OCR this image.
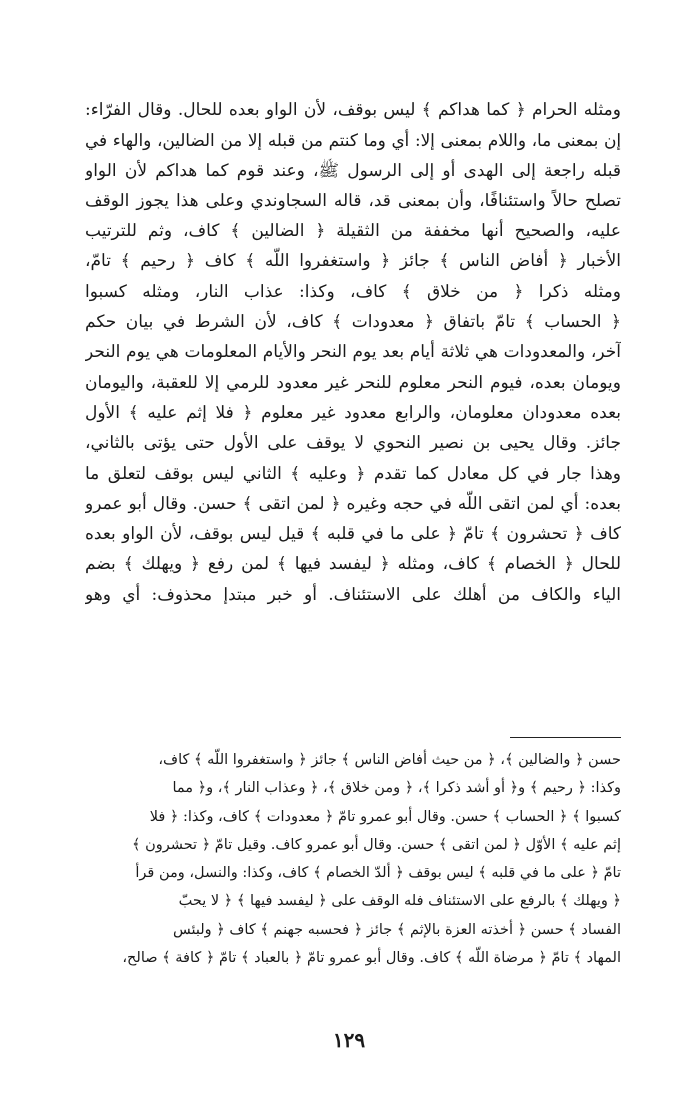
ومثله الحرام ﴿ كما هداكم ﴾ ليس بوقف، لأن الواو بعده للحال. وقال الفرّاء:
إن بمعنى ما، واللام بمعنى إلا: أي وما كنتم من قبله إلا من الضالين، والهاء في
قبله راجعة إلى الهدى أو إلى الرسول ﷺ، وعند قوم كما هداكم لأن الواو
تصلح حالاً واستئنافًا، وأن بمعنى قد، قاله السجاوندي وعلى هذا يجوز الوقف
عليه، والصحيح أنها مخففة من الثقيلة ﴿ الضالين ﴾ كاف، وثم للترتيب
الأخبار ﴿ أفاض الناس ﴾ جائز ﴿ واستغفروا اللّه ﴾ كاف ﴿ رحيم ﴾ تامّ،
ومثله ذكرا ﴿ من خلاق ﴾ كاف، وكذا: عذاب النار، ومثله كسبوا
﴿ الحساب ﴾ تامّ باتفاق ﴿ معدودات ﴾ كاف، لأن الشرط في بيان حكم
آخر، والمعدودات هي ثلاثة أيام بعد يوم النحر والأيام المعلومات هي يوم النحر
ويومان بعده، فيوم النحر معلوم للنحر غير معدود للرمي إلا للعقبة، واليومان
بعده معدودان معلومان، والرابع معدود غير معلوم ﴿ فلا إثم عليه ﴾ الأول
جائز. وقال يحيى بن نصير النحوي لا يوقف على الأول حتى يؤتى بالثاني،
وهذا جار في كل معادل كما تقدم ﴿ وعليه ﴾ الثاني ليس بوقف لتعلق ما
بعده: أي لمن اتقى اللّه في حجه وغيره ﴿ لمن اتقى ﴾ حسن. وقال أبو عمرو
كاف ﴿ تحشرون ﴾ تامّ ﴿ على ما في قلبه ﴾ قيل ليس بوقف، لأن الواو بعده
للحال ﴿ الخصام ﴾ كاف، ومثله ﴿ ليفسد فيها ﴾ لمن رفع ﴿ ويهلك ﴾ بضم
الياء والكاف من أهلك على الاستئناف. أو خبر مبتدإ محذوف: أي وهو
حسن ﴿ والضالين ﴾، ﴿ من حيث أفاض الناس ﴾ جائز ﴿ واستغفروا اللّه ﴾ كاف،
وكذا: ﴿ رحيم ﴾ و﴿ أو أشد ذكرا ﴾، ﴿ ومن خلاق ﴾، ﴿ وعذاب النار ﴾، و﴿ مما
كسبوا ﴾ ﴿ الحساب ﴾ حسن. وقال أبو عمرو تامّ ﴿ معدودات ﴾ كاف، وكذا: ﴿ فلا
إثم عليه ﴾ الأوّل ﴿ لمن اتقى ﴾ حسن. وقال أبو عمرو كاف. وقيل تامّ ﴿ تحشرون ﴾
تامّ ﴿ على ما في قلبه ﴾ ليس بوقف ﴿ ألدّ الخصام ﴾ كاف، وكذا: والنسل، ومن قرأ
﴿ ويهلك ﴾ بالرفع على الاستئناف فله الوقف على ﴿ ليفسد فيها ﴾ ﴿ لا يحبّ
الفساد ﴾ حسن ﴿ أخذته العزة بالإثم ﴾ جائز ﴿ فحسبه جهنم ﴾ كاف ﴿ ولبئس
المهاد ﴾ تامّ ﴿ مرضاة اللّه ﴾ كاف. وقال أبو عمرو تامّ ﴿ بالعباد ﴾ تامّ ﴿ كافة ﴾ صالح،
١٢٩
